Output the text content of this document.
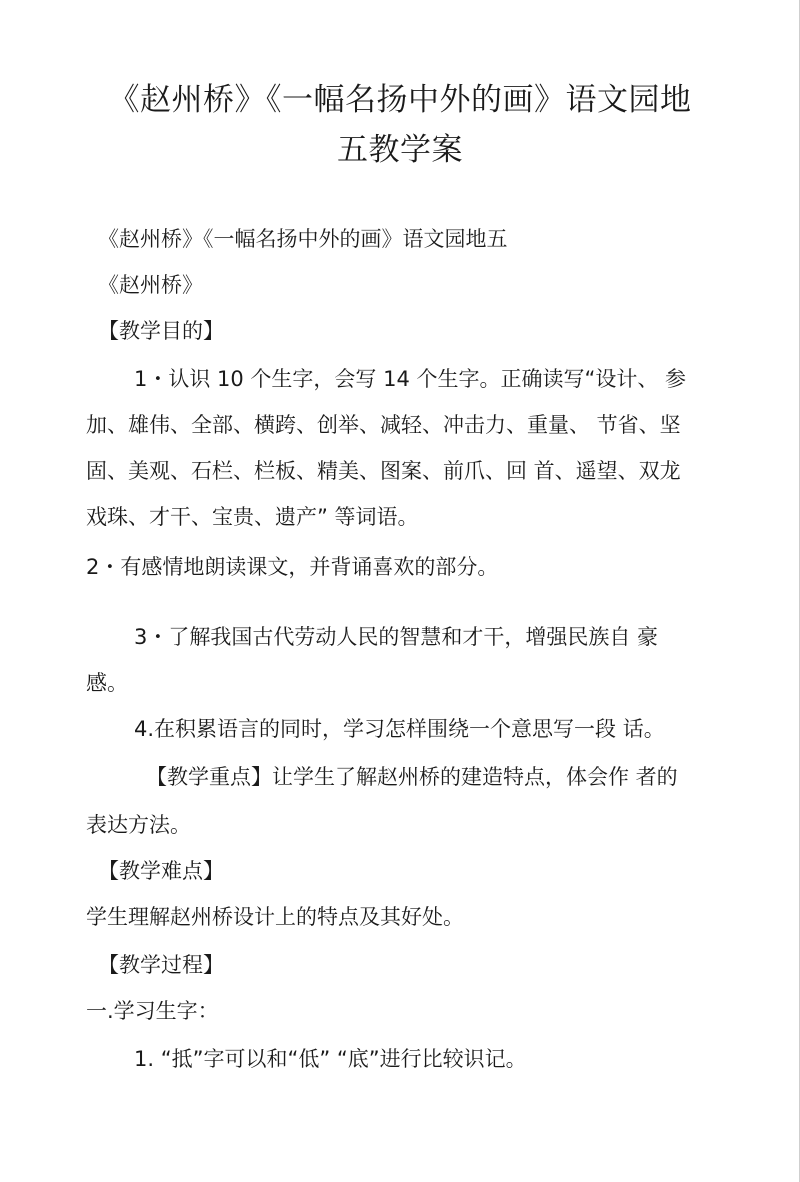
《赵州桥》《一幅名扬中外的画》语文园地
五教学案
《赵州桥》《一幅名扬中外的画》语文园地五
《赵州桥》
【教学目的】
1・认识 10 个生字，会写 14 个生字。正确读写“设计、 参
加、雄伟、全部、横跨、创举、减轻、冲击力、重量、 节省、坚
固、美观、石栏、栏板、精美、图案、前爪、回 首、遥望、双龙
戏珠、才干、宝贵、遗产” 等词语。
2・有感情地朗读课文，并背诵喜欢的部分。
3・了解我国古代劳动人民的智慧和才干，增强民族自 豪
感。
4.在积累语言的同时，学习怎样围绕一个意思写一段 话。
【教学重点】让学生了解赵州桥的建造特点，体会作 者的
表达方法。
【教学难点】
学生理解赵州桥设计上的特点及其好处。
【教学过程】
一.学习生字：
1. “抵”字可以和“低” “底”进行比较识记。
